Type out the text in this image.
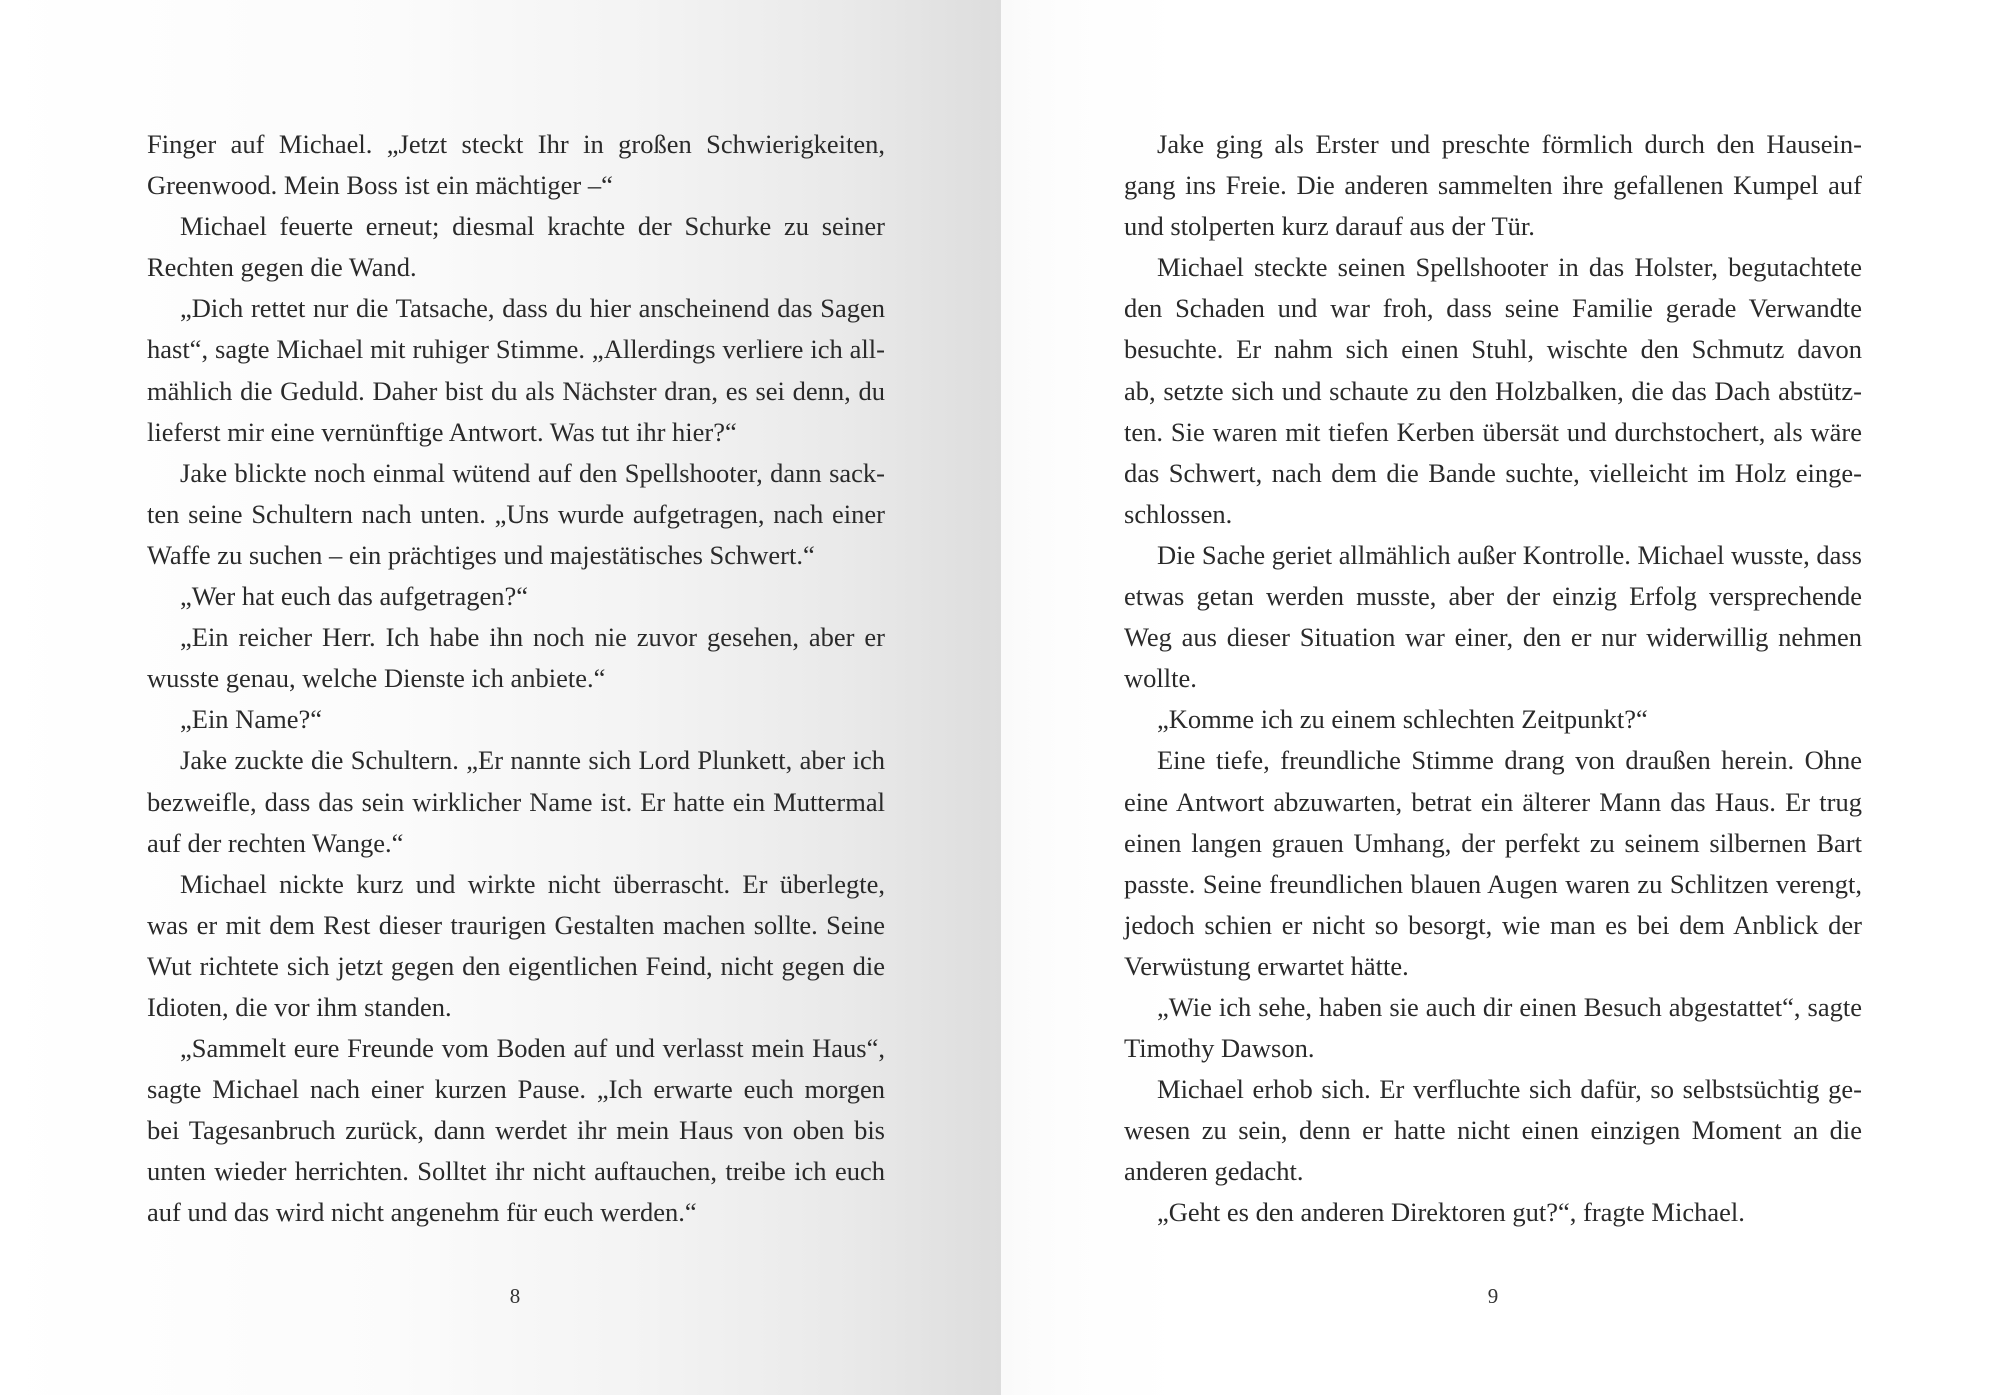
Finger auf Michael. „Jetzt steckt Ihr in großen Schwierigkeiten,
Greenwood. Mein Boss ist ein mächtiger –“
Michael feuerte erneut; diesmal krachte der Schurke zu seiner
Rechten gegen die Wand.
„Dich rettet nur die Tatsache, dass du hier anscheinend das Sagen
hast“, sagte Michael mit ruhiger Stimme. „Allerdings verliere ich all-
mählich die Geduld. Daher bist du als Nächster dran, es sei denn, du
lieferst mir eine vernünftige Antwort. Was tut ihr hier?“
Jake blickte noch einmal wütend auf den Spellshooter, dann sack-
ten seine Schultern nach unten. „Uns wurde aufgetragen, nach einer
Waffe zu suchen – ein prächtiges und majestätisches Schwert.“
„Wer hat euch das aufgetragen?“
„Ein reicher Herr. Ich habe ihn noch nie zuvor gesehen, aber er
wusste genau, welche Dienste ich anbiete.“
„Ein Name?“
Jake zuckte die Schultern. „Er nannte sich Lord Plunkett, aber ich
bezweifle, dass das sein wirklicher Name ist. Er hatte ein Muttermal
auf der rechten Wange.“
Michael nickte kurz und wirkte nicht überrascht. Er überlegte,
was er mit dem Rest dieser traurigen Gestalten machen sollte. Seine
Wut richtete sich jetzt gegen den eigentlichen Feind, nicht gegen die
Idioten, die vor ihm standen.
„Sammelt eure Freunde vom Boden auf und verlasst mein Haus“,
sagte Michael nach einer kurzen Pause. „Ich erwarte euch morgen
bei Tagesanbruch zurück, dann werdet ihr mein Haus von oben bis
unten wieder herrichten. Solltet ihr nicht auftauchen, treibe ich euch
auf und das wird nicht angenehm für euch werden.“
8
Jake ging als Erster und preschte förmlich durch den Hausein-
gang ins Freie. Die anderen sammelten ihre gefallenen Kumpel auf
und stolperten kurz darauf aus der Tür.
Michael steckte seinen Spellshooter in das Holster, begutachtete
den Schaden und war froh, dass seine Familie gerade Verwandte
besuchte. Er nahm sich einen Stuhl, wischte den Schmutz davon
ab, setzte sich und schaute zu den Holzbalken, die das Dach abstütz-
ten. Sie waren mit tiefen Kerben übersät und durchstochert, als wäre
das Schwert, nach dem die Bande suchte, vielleicht im Holz einge-
schlossen.
Die Sache geriet allmählich außer Kontrolle. Michael wusste, dass
etwas getan werden musste, aber der einzig Erfolg versprechende
Weg aus dieser Situation war einer, den er nur widerwillig nehmen
wollte.
„Komme ich zu einem schlechten Zeitpunkt?“
Eine tiefe, freundliche Stimme drang von draußen herein. Ohne
eine Antwort abzuwarten, betrat ein älterer Mann das Haus. Er trug
einen langen grauen Umhang, der perfekt zu seinem silbernen Bart
passte. Seine freundlichen blauen Augen waren zu Schlitzen verengt,
jedoch schien er nicht so besorgt, wie man es bei dem Anblick der
Verwüstung erwartet hätte.
„Wie ich sehe, haben sie auch dir einen Besuch abgestattet“, sagte
Timothy Dawson.
Michael erhob sich. Er verfluchte sich dafür, so selbstsüchtig ge-
wesen zu sein, denn er hatte nicht einen einzigen Moment an die
anderen gedacht.
„Geht es den anderen Direktoren gut?“, fragte Michael.
9
